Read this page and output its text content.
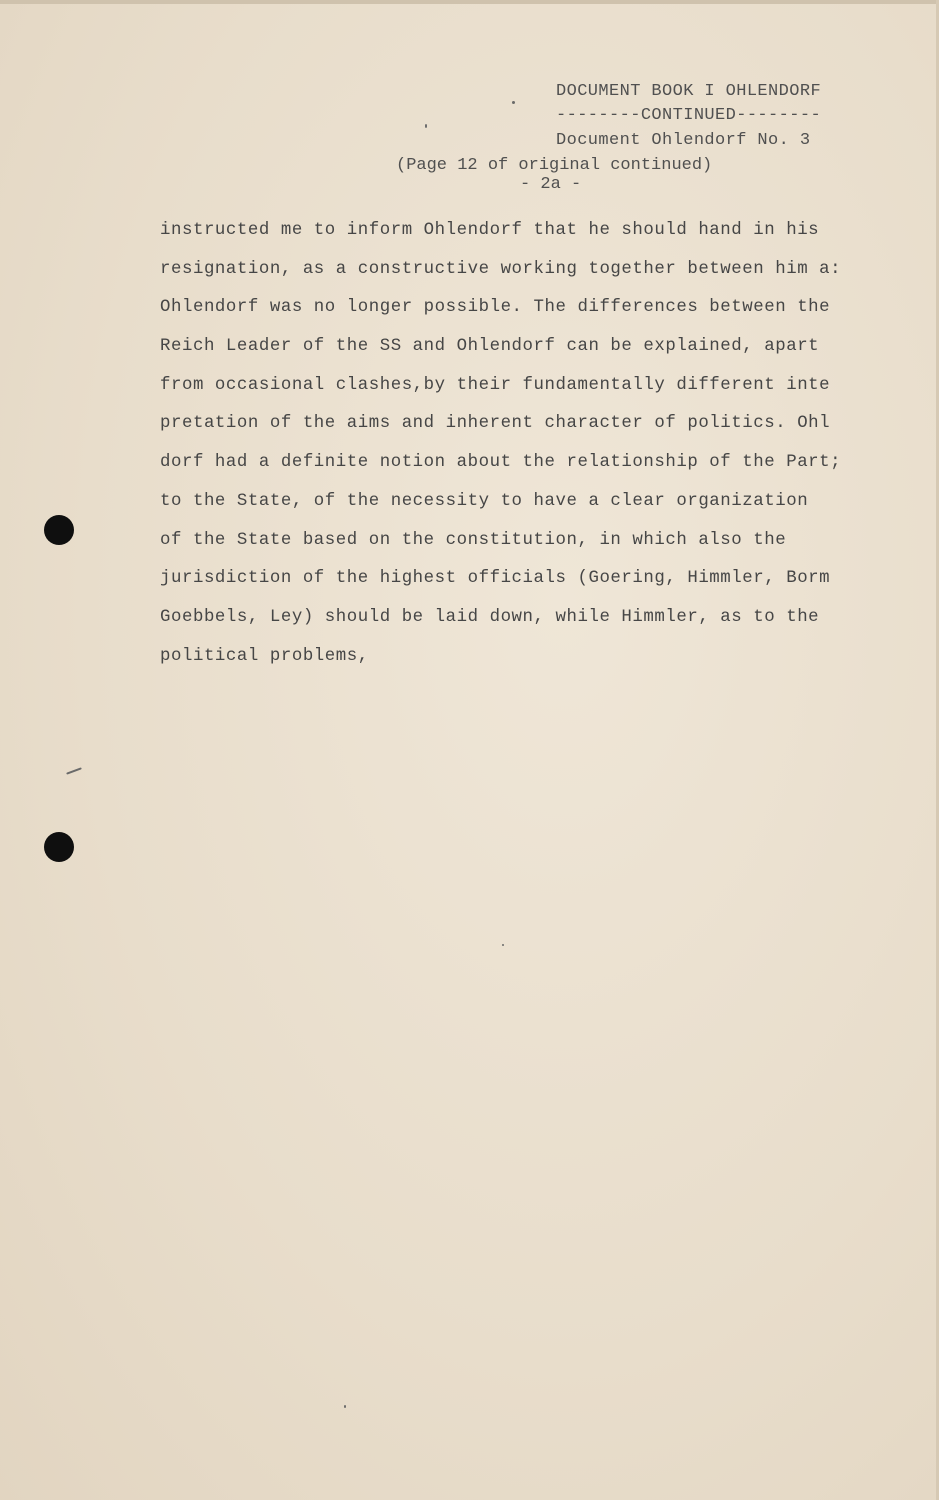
DOCUMENT BOOK I OHLENDORF
--------CONTINUED--------
Document Ohlendorf No. 3
(Page 12 of original continued)
- 2a -
instructed me to inform Ohlendorf that he should hand in his
resignation, as a constructive working together between him a:
Ohlendorf was no longer possible. The differences between the
Reich Leader of the SS and Ohlendorf can be explained, apart
from occasional clashes,by their fundamentally different inte
pretation of the aims and inherent character of politics. Ohl
dorf had a definite notion about the relationship of the Part;
to the State, of the necessity to have a clear organization
of the State based on the constitution, in which also the
jurisdiction of the highest officials (Goering, Himmler, Borm
Goebbels, Ley) should be laid down, while Himmler, as to the
political problems,
